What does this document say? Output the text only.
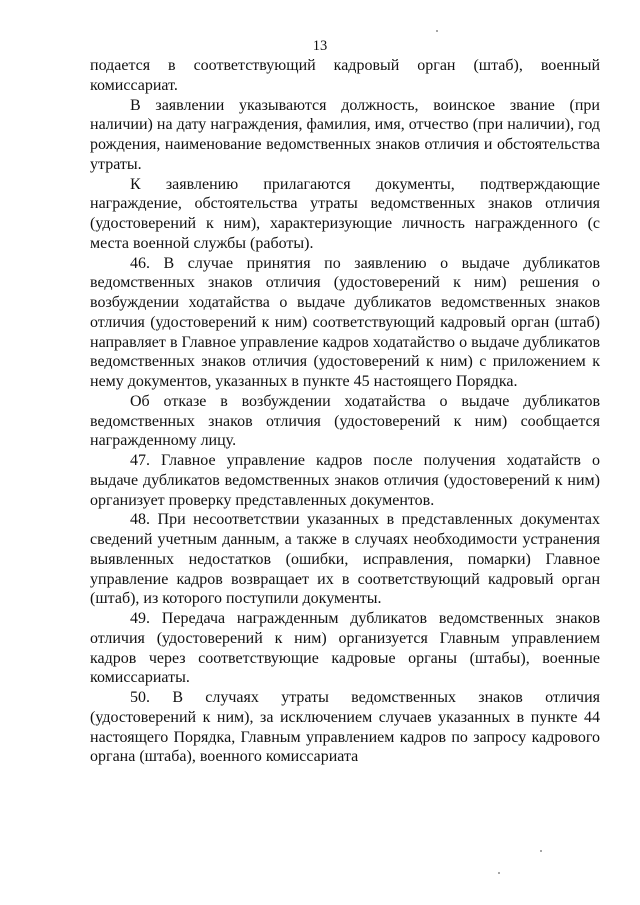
13

подается в соответствующий кадровый орган (штаб), военный комиссариат.

В заявлении указываются должность, воинское звание (при наличии) на дату награждения, фамилия, имя, отчество (при наличии), год рождения, наименование ведомственных знаков отличия и обстоятельства утраты.

К заявлению прилагаются документы, подтверждающие награждение, обстоятельства утраты ведомственных знаков отличия (удостоверений к ним), характеризующие личность награжденного (с места военной службы (работы).

46. В случае принятия по заявлению о выдаче дубликатов ведомственных знаков отличия (удостоверений к ним) решения о возбуждении ходатайства о выдаче дубликатов ведомственных знаков отличия (удостоверений к ним) соответствующий кадровый орган (штаб) направляет в Главное управление кадров ходатайство о выдаче дубликатов ведомственных знаков отличия (удостоверений к ним) с приложением к нему документов, указанных в пункте 45 настоящего Порядка.

Об отказе в возбуждении ходатайства о выдаче дубликатов ведомственных знаков отличия (удостоверений к ним) сообщается награжденному лицу.

47. Главное управление кадров после получения ходатайств о выдаче дубликатов ведомственных знаков отличия (удостоверений к ним) организует проверку представленных документов.

48. При несоответствии указанных в представленных документах сведений учетным данным, а также в случаях необходимости устранения выявленных недостатков (ошибки, исправления, помарки) Главное управление кадров возвращает их в соответствующий кадровый орган (штаб), из которого поступили документы.

49. Передача награжденным дубликатов ведомственных знаков отличия (удостоверений к ним) организуется Главным управлением кадров через соответствующие кадровые органы (штабы), военные комиссариаты.

50. В случаях утраты ведомственных знаков отличия (удостоверений к ним), за исключением случаев указанных в пункте 44 настоящего Порядка, Главным управлением кадров по запросу кадрового органа (штаба), военного комиссариата
